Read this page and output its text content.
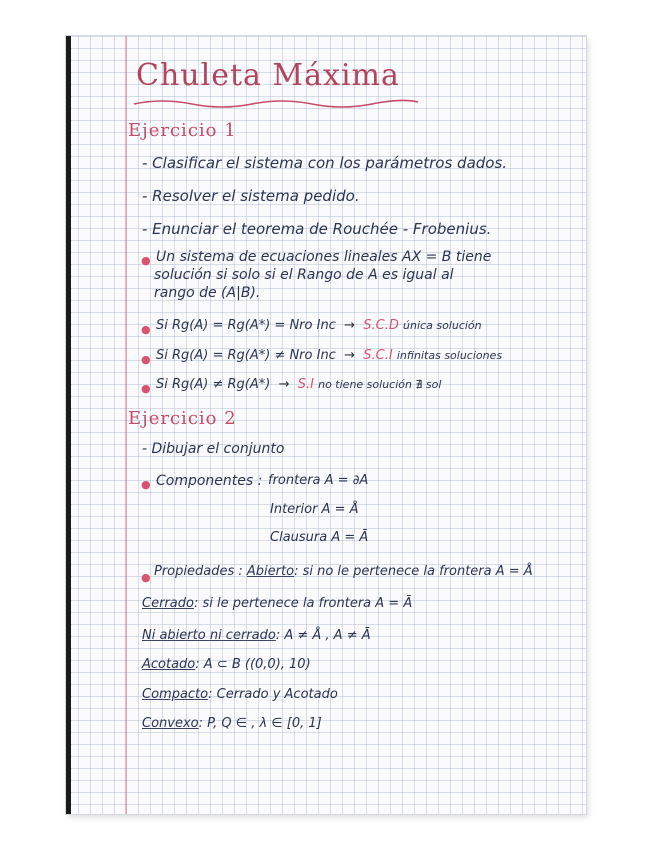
Chuleta Máxima
Ejercicio 1
- Clasificar el sistema con los parámetros dados.
- Resolver el sistema pedido.
- Enunciar el teorema de Rouchée - Frobenius.
● Un sistema de ecuaciones lineales AX = B tiene
solución si solo si el Rango de A es igual al
rango de (A|B).
● Si Rg(A) = Rg(A*) = Nro Inc  →  S.C.D única solución
● Si Rg(A) = Rg(A*) ≠ Nro Inc  →  S.C.I infinitas soluciones
● Si Rg(A) ≠ Rg(A*)  →  S.I no tiene solución ∄ sol
Ejercicio 2
- Dibujar el conjunto
● Componentes : frontera A = ∂A
Interior A = Å
Clausura A = Ā
● Propiedades : Abierto: si no le pertenece la frontera A = Å
Cerrado: si le pertenece la frontera A = Ā
Ni abierto ni cerrado: A ≠ Å , A ≠ Ā
Acotado: A ⊂ B ((0,0), 10)
Compacto: Cerrado y Acotado
Convexo: P, Q ∈ , λ ∈ [0, 1]
